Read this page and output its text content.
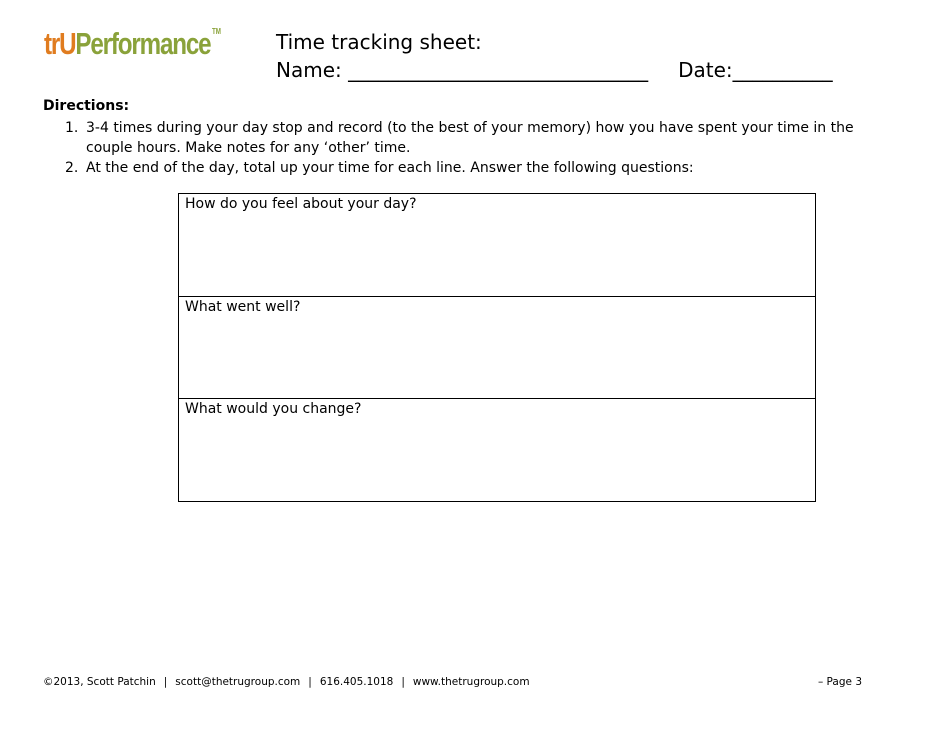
trUPerformance ™	Time tracking sheet:
Name: ______________________________ Date:__________
Directions:
1. 3-4 times during your day stop and record (to the best of your memory) how you have spent your time in the couple hours. Make notes for any ‘other’ time.
2. At the end of the day, total up your time for each line. Answer the following questions:
How do you feel about your day?
What went well?
What would you change?
©2013, Scott Patchin | scott@thetrugroup.com | 616.405.1018 | www.thetrugroup.com	– Page 3
